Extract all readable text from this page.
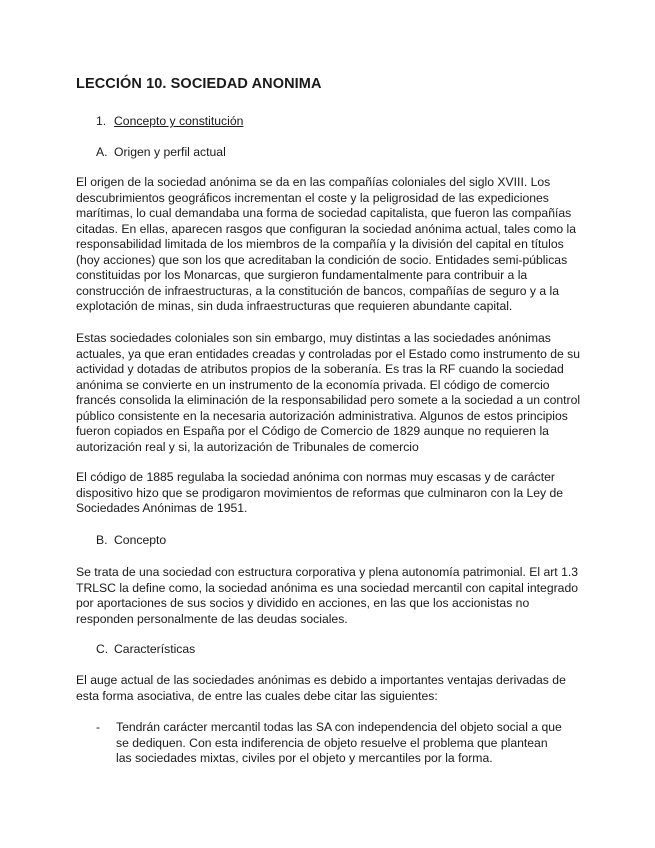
LECCIÓN 10. SOCIEDAD ANONIMA
1. Concepto y constitución
A. Origen y perfil actual

El origen de la sociedad anónima se da en las compañías coloniales del siglo XVIII. Los descubrimientos geográficos incrementan el coste y la peligrosidad de las expediciones marítimas, lo cual demandaba una forma de sociedad capitalista, que fueron las compañías citadas. En ellas, aparecen rasgos que configuran la sociedad anónima actual, tales como la responsabilidad limitada de los miembros de la compañía y la división del capital en títulos (hoy acciones) que son los que acreditaban la condición de socio. Entidades semi-públicas constituidas por los Monarcas, que surgieron fundamentalmente para contribuir a la construcción de infraestructuras, a la constitución de bancos, compañías de seguro y a la explotación de minas, sin duda infraestructuras que requieren abundante capital.

Estas sociedades coloniales son sin embargo, muy distintas a las sociedades anónimas actuales, ya que eran entidades creadas y controladas por el Estado como instrumento de su actividad y dotadas de atributos propios de la soberanía. Es tras la RF cuando la sociedad anónima se convierte en un instrumento de la economía privada. El código de comercio francés consolida la eliminación de la responsabilidad pero somete a la sociedad a un control público consistente en la necesaria autorización administrativa. Algunos de estos principios fueron copiados en España por el Código de Comercio de 1829 aunque no requieren la autorización real y si, la autorización de Tribunales de comercio

El código de 1885 regulaba la sociedad anónima con normas muy escasas y de carácter dispositivo hizo que se prodigaron movimientos de reformas que culminaron con la Ley de Sociedades Anónimas de 1951.

B. Concepto

Se trata de una sociedad con estructura corporativa y plena autonomía patrimonial. El art 1.3 TRLSC la define como, la sociedad anónima es una sociedad mercantil con capital integrado por aportaciones de sus socios y dividido en acciones, en las que los accionistas no responden personalmente de las deudas sociales.

C. Características

El auge actual de las sociedades anónimas es debido a importantes ventajas derivadas de esta forma asociativa, de entre las cuales debe citar las siguientes:

- Tendrán carácter mercantil todas las SA con independencia del objeto social a que se dediquen. Con esta indiferencia de objeto resuelve el problema que plantean las sociedades mixtas, civiles por el objeto y mercantiles por la forma.
